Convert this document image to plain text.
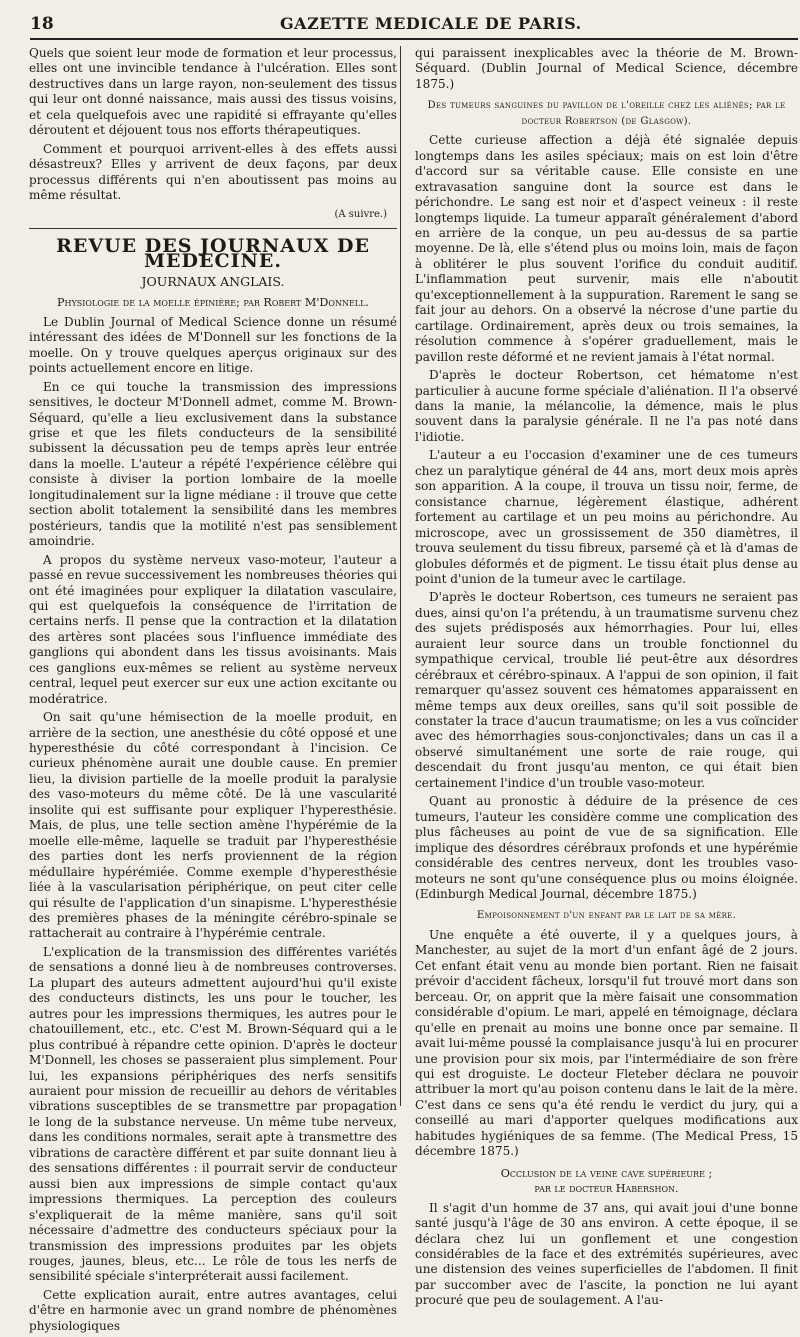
18	GAZETTE MEDICALE DE PARIS.

Quels que soient leur mode de formation et leur processus, elles ont une invincible tendance à l'ulcération. Elles sont destructives dans un large rayon, non-seulement des tissus qui leur ont donné naissance, mais aussi des tissus voisins, et cela quelquefois avec une rapidité si effrayante qu'elles déroutent et déjouent tous nos efforts thérapeutiques.

Comment et pourquoi arrivent-elles à des effets aussi désastreux? Elles y arrivent de deux façons, par deux processus différents qui n'en aboutissent pas moins au même résultat.

(A suivre.)
REVUE DES JOURNAUX DE MÉDECINE.
JOURNAUX ANGLAIS.
Physiologie de la moelle épinière; par Robert M'Donnell.

Le Dublin Journal of Medical Science donne un résumé intéressant des idées de M'Donnell sur les fonctions de la moelle. On y trouve quelques aperçus originaux sur des points actuellement encore en litige.

En ce qui touche la transmission des impressions sensitives, le docteur M'Donnell admet, comme M. Brown-Séquard, qu'elle a lieu exclusivement dans la substance grise et que les filets conducteurs de la sensibilité subissent la décussation peu de temps après leur entrée dans la moelle. L'auteur a répété l'expérience célèbre qui consiste à diviser la portion lombaire de la moelle longitudinalement sur la ligne médiane : il trouve que cette section abolit totalement la sensibilité dans les membres postérieurs, tandis que la motilité n'est pas sensiblement amoindrie.

A propos du système nerveux vaso-moteur, l'auteur a passé en revue successivement les nombreuses théories qui ont été imaginées pour expliquer la dilatation vasculaire, qui est quelquefois la conséquence de l'irritation de certains nerfs. Il pense que la contraction et la dilatation des artères sont placées sous l'influence immédiate des ganglions qui abondent dans les tissus avoisinants. Mais ces ganglions eux-mêmes se relient au système nerveux central, lequel peut exercer sur eux une action excitante ou modératrice.

On sait qu'une hémisection de la moelle produit, en arrière de la section, une anesthésie du côté opposé et une hyperesthésie du côté correspondant à l'incision. Ce curieux phénomène aurait une double cause. En premier lieu, la division partielle de la moelle produit la paralysie des vaso-moteurs du même côté. De là une vascularité insolite qui est suffisante pour expliquer l'hyperesthésie. Mais, de plus, une telle section amène l'hypérémie de la moelle elle-même, laquelle se traduit par l'hyperesthésie des parties dont les nerfs proviennent de la région médullaire hypérémiée. Comme exemple d'hyperesthésie liée à la vascularisation périphérique, on peut citer celle qui résulte de l'application d'un sinapisme. L'hyperesthésie des premières phases de la méningite cérébro-spinale se rattacherait au contraire à l'hypérémie centrale.

L'explication de la transmission des différentes variétés de sensations a donné lieu à de nombreuses controverses. La plupart des auteurs admettent aujourd'hui qu'il existe des conducteurs distincts, les uns pour le toucher, les autres pour les impressions thermiques, les autres pour le chatouillement, etc., etc. C'est M. Brown-Séquard qui a le plus contribué à répandre cette opinion. D'après le docteur M'Donnell, les choses se passeraient plus simplement. Pour lui, les expansions périphériques des nerfs sensitifs auraient pour mission de recueillir au dehors de véritables vibrations susceptibles de se transmettre par propagation le long de la substance nerveuse. Un même tube nerveux, dans les conditions normales, serait apte à transmettre des vibrations de caractère différent et par suite donnant lieu à des sensations différentes : il pourrait servir de conducteur aussi bien aux impressions de simple contact qu'aux impressions thermiques. La perception des couleurs s'expliquerait de la même manière, sans qu'il soit nécessaire d'admettre des conducteurs spéciaux pour la transmission des impressions produites par les objets rouges, jaunes, bleus, etc... Le rôle de tous les nerfs de sensibilité spéciale s'interpréterait aussi facilement.

Cette explication aurait, entre autres avantages, celui d'être en harmonie avec un grand nombre de phénomènes physiologiques

qui paraissent inexplicables avec la théorie de M. Brown-Séquard. (Dublin Journal of Medical Science, décembre 1875.)

Des tumeurs sanguines du pavillon de l'oreille chez les aliénés; par le docteur Robertson (de Glasgow).

Cette curieuse affection a déjà été signalée depuis longtemps dans les asiles spéciaux; mais on est loin d'être d'accord sur sa véritable cause. Elle consiste en une extravasation sanguine dont la source est dans le périchondre. Le sang est noir et d'aspect veineux : il reste longtemps liquide. La tumeur apparaît généralement d'abord en arrière de la conque, un peu au-dessus de sa partie moyenne. De là, elle s'étend plus ou moins loin, mais de façon à oblitérer le plus souvent l'orifice du conduit auditif. L'inflammation peut survenir, mais elle n'aboutit qu'exceptionnellement à la suppuration. Rarement le sang se fait jour au dehors. On a observé la nécrose d'une partie du cartilage. Ordinairement, après deux ou trois semaines, la résolution commence à s'opérer graduellement, mais le pavillon reste déformé et ne revient jamais à l'état normal.

D'après le docteur Robertson, cet hématome n'est particulier à aucune forme spéciale d'aliénation. Il l'a observé dans la manie, la mélancolie, la démence, mais le plus souvent dans la paralysie générale. Il ne l'a pas noté dans l'idiotie.

L'auteur a eu l'occasion d'examiner une de ces tumeurs chez un paralytique général de 44 ans, mort deux mois après son apparition. A la coupe, il trouva un tissu noir, ferme, de consistance charnue, légèrement élastique, adhérent fortement au cartilage et un peu moins au périchondre. Au microscope, avec un grossissement de 350 diamètres, il trouva seulement du tissu fibreux, parsemé çà et là d'amas de globules déformés et de pigment. Le tissu était plus dense au point d'union de la tumeur avec le cartilage.

D'après le docteur Robertson, ces tumeurs ne seraient pas dues, ainsi qu'on l'a prétendu, à un traumatisme survenu chez des sujets prédisposés aux hémorrhagies. Pour lui, elles auraient leur source dans un trouble fonctionnel du sympathique cervical, trouble lié peut-être aux désordres cérébraux et cérébro-spinaux. A l'appui de son opinion, il fait remarquer qu'assez souvent ces hématomes apparaissent en même temps aux deux oreilles, sans qu'il soit possible de constater la trace d'aucun traumatisme; on les a vus coïncider avec des hémorrhagies sous-conjonctivales; dans un cas il a observé simultanément une sorte de raie rouge, qui descendait du front jusqu'au menton, ce qui était bien certainement l'indice d'un trouble vaso-moteur.

Quant au pronostic à déduire de la présence de ces tumeurs, l'auteur les considère comme une complication des plus fâcheuses au point de vue de sa signification. Elle implique des désordres cérébraux profonds et une hypérémie considérable des centres nerveux, dont les troubles vaso-moteurs ne sont qu'une conséquence plus ou moins éloignée. (Edinburgh Medical Journal, décembre 1875.)

Empoisonnement d'un enfant par le lait de sa mère.

Une enquête a été ouverte, il y a quelques jours, à Manchester, au sujet de la mort d'un enfant âgé de 2 jours. Cet enfant était venu au monde bien portant. Rien ne faisait prévoir d'accident fâcheux, lorsqu'il fut trouvé mort dans son berceau. Or, on apprit que la mère faisait une consommation considérable d'opium. Le mari, appelé en témoignage, déclara qu'elle en prenait au moins une bonne once par semaine. Il avait lui-même poussé la complaisance jusqu'à lui en procurer une provision pour six mois, par l'intermédiaire de son frère qui est droguiste. Le docteur Fleteber déclara ne pouvoir attribuer la mort qu'au poison contenu dans le lait de la mère. C'est dans ce sens qu'a été rendu le verdict du jury, qui a conseillé au mari d'apporter quelques modifications aux habitudes hygiéniques de sa femme. (The Medical Press, 15 décembre 1875.)

Occlusion de la veine cave supérieure ;
par le docteur Habershon.

Il s'agit d'un homme de 37 ans, qui avait joui d'une bonne santé jusqu'à l'âge de 30 ans environ. A cette époque, il se déclara chez lui un gonflement et une congestion considérables de la face et des extrémités supérieures, avec une distension des veines superficielles de l'abdomen. Il finit par succomber avec de l'ascite, la ponction ne lui ayant procuré que peu de soulagement. A l'au-
